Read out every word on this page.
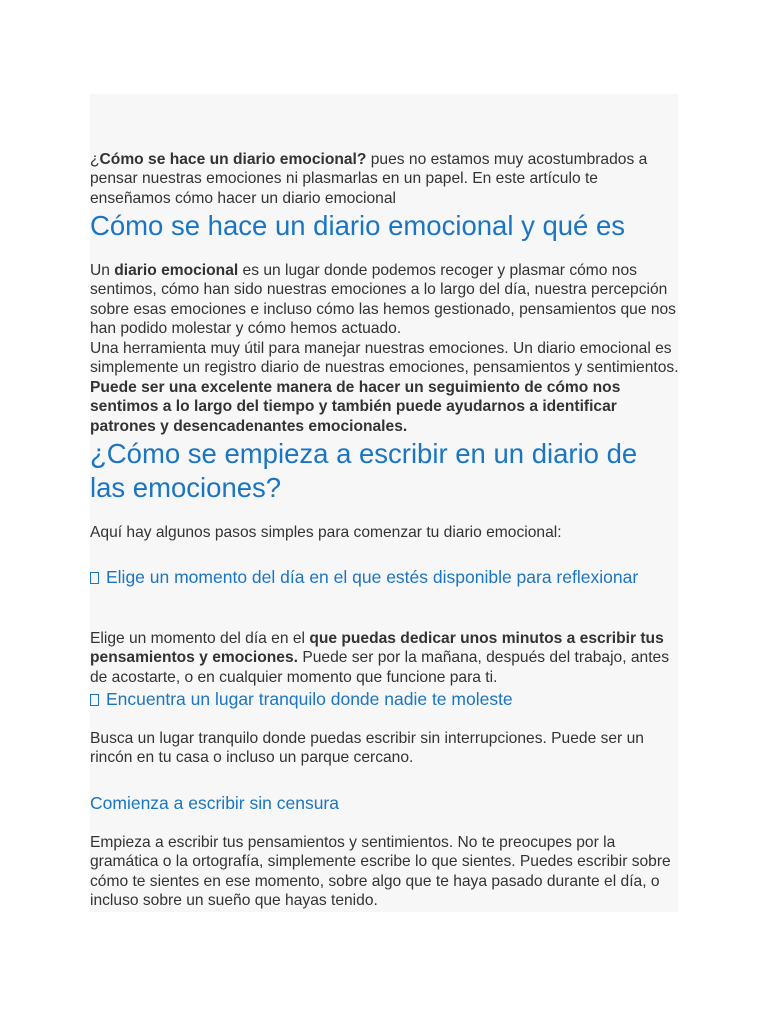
¿Cómo se hace un diario emocional? pues no estamos muy acostumbrados a pensar nuestras emociones ni plasmarlas en un papel. En este artículo te enseñamos cómo hacer un diario emocional

Cómo se hace un diario emocional y qué es

Un diario emocional es un lugar donde podemos recoger y plasmar cómo nos sentimos, cómo han sido nuestras emociones a lo largo del día, nuestra percepción sobre esas emociones e incluso cómo las hemos gestionado, pensamientos que nos han podido molestar y cómo hemos actuado.

Una herramienta muy útil para manejar nuestras emociones. Un diario emocional es simplemente un registro diario de nuestras emociones, pensamientos y sentimientos. Puede ser una excelente manera de hacer un seguimiento de cómo nos sentimos a lo largo del tiempo y también puede ayudarnos a identificar patrones y desencadenantes emocionales.

¿Cómo se empieza a escribir en un diario de las emociones?

Aquí hay algunos pasos simples para comenzar tu diario emocional:

Elige un momento del día en el que estés disponible para reflexionar

Elige un momento del día en el que puedas dedicar unos minutos a escribir tus pensamientos y emociones. Puede ser por la mañana, después del trabajo, antes de acostarte, o en cualquier momento que funcione para ti.

Encuentra un lugar tranquilo donde nadie te moleste

Busca un lugar tranquilo donde puedas escribir sin interrupciones. Puede ser un rincón en tu casa o incluso un parque cercano.

Comienza a escribir sin censura

Empieza a escribir tus pensamientos y sentimientos. No te preocupes por la gramática o la ortografía, simplemente escribe lo que sientes. Puedes escribir sobre cómo te sientes en ese momento, sobre algo que te haya pasado durante el día, o incluso sobre un sueño que hayas tenido.
